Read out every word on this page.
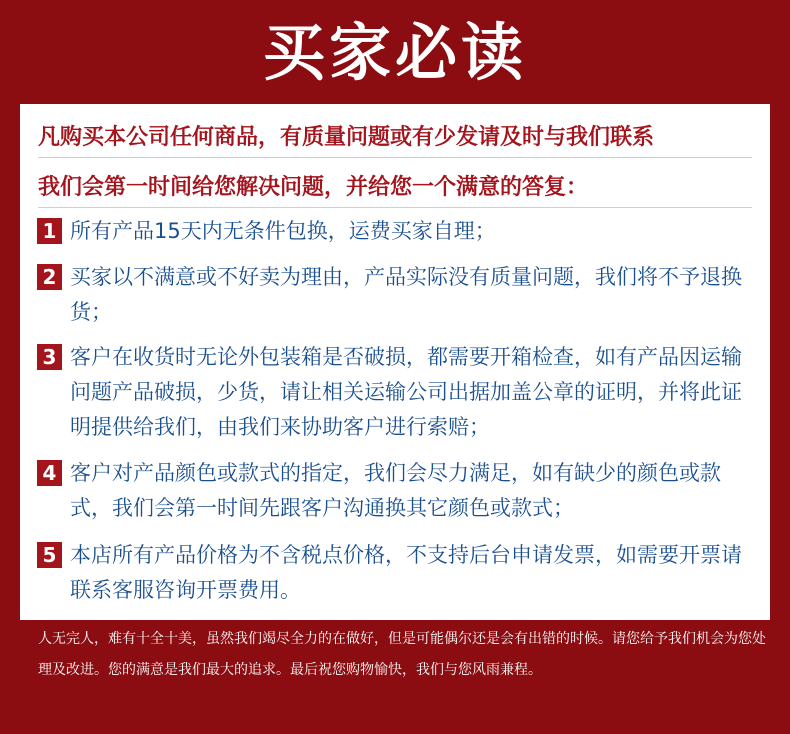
买家必读
凡购买本公司任何商品，有质量问题或有少发请及时与我们联系
我们会第一时间给您解决问题，并给您一个满意的答复：
1 所有产品15天内无条件包换，运费买家自理；
2 买家以不满意或不好卖为理由，产品实际没有质量问题，我们将不予退换货；
3 客户在收货时无论外包装箱是否破损，都需要开箱检查，如有产品因运输问题产品破损，少货，请让相关运输公司出据加盖公章的证明，并将此证明提供给我们，由我们来协助客户进行索赔；
4 客户对产品颜色或款式的指定，我们会尽力满足，如有缺少的颜色或款式，我们会第一时间先跟客户沟通换其它颜色或款式；
5 本店所有产品价格为不含税点价格，不支持后台申请发票，如需要开票请联系客服咨询开票费用。
人无完人，难有十全十美，虽然我们竭尽全力的在做好，但是可能偶尔还是会有出错的时候。请您给予我们机会为您处理及改进。您的满意是我们最大的追求。最后祝您购物愉快，我们与您风雨兼程。
